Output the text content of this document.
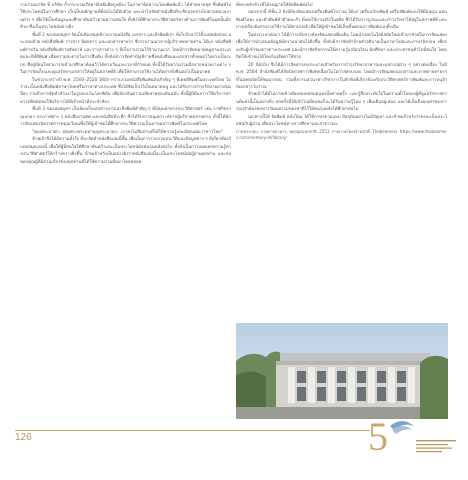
รวบรวมมาจัด ที่ บริษัท ถ้ำกระบวยเรือพาณิชย์ผลิตถูกต้อง ในภาษาข้อความโดยพิมพ์แล้ว ได้ทำหลายชุด ซึ่งพิมพ์ไปใช้ประโยชน์ในการศึกษา เก็บเป็นหลักฐานที่ดีต่อไปได้อีกด้วย และนำไปจัดทำหนังสือที่ระลึกแจกจ่ายไปตามหน่วยงานต่าง ๆ เพื่อใช้เป็นข้อมูลและศึกษาค้นคว้าตามความสนใจ ทั้งยังได้ศึกษาประวัติศาสตร์ทางด้านการพิมพ์ในยุคนั้นอีกด้วย ซึ่งเป็นประโยชน์อย่างยิ่ง

ชั้นที่ 2 ของหอสมุดฯ จัดเป็นห้องสมุดที่รวบรวมหนังสือ เอกสาร และสิ่งพิมพ์เก่า ที่เก็บรักษาไว้ตั้งแต่สมัยก่อน ประกอบด้วย หนังสือพิมพ์ วารสาร นิตยสาร และเอกสารหายาก ซึ่งรวบรวมมาจากผู้บริจาคหลายท่าน ได้แก่ หนังสือพิมพ์รายวัน หนังสือพิมพ์รายสัปดาห์ และวารสารต่าง ๆ ที่เก็บรวบรวมไว้จำนวนมาก โดยมีการจัดหมวดหมู่ตามประเภทและปีที่ตีพิมพ์ เพื่อความสะดวกในการสืบค้น ทั้งยังมีการจัดทำบัญชีรายชื่อหนังสือและเอกสารทั้งหมดไว้อย่างเป็นระบบ ซึ่งผู้ที่สนใจสามารถเข้ามาศึกษาค้นคว้าได้ตามวันและเวลาที่กำหนด ทั้งนี้ได้รับความร่วมมือจากหน่วยงานต่าง ๆ ในการจัดเก็บและดูแลรักษาเอกสารให้อยู่ในสภาพที่ดี เพื่อให้สามารถใช้งานได้อย่างยั่งยืนต่อไปในอนาคต

ในช่วงระหว่างปี พ.ศ. 2500–2520 ได้มีการรวบรวมหนังสือพิมพ์ฉบับสำคัญ ๆ ที่เคยตีพิมพ์ในประเทศไทย ไม่ว่าจะเป็นหนังสือพิมพ์ภาษาไทยหรือภาษาต่างประเทศ ซึ่งได้จัดเก็บไว้เป็นหมวดหมู่ และได้รับการบำรุงรักษาอย่างต่อเนื่อง รวมถึงการจัดทำสำเนาในรูปแบบไมโครฟิล์ม เพื่อป้องกันความเสียหายของต้นฉบับ ทั้งนี้ผู้ที่ต้องการใช้บริการสามารถติดต่อขอใช้บริการได้ที่เจ้าหน้าที่ประจำห้อง

ชั้นที่ 3 ของหอสมุดฯ เป็นห้องเก็บเอกสารเก่าและสิ่งพิมพ์สำคัญ ๆ ที่มีคุณค่าทางประวัติศาสตร์ เช่น ราชกิจจานุเบกษา ประกาศต่าง ๆ หนังสืองานศพ และหนังสือที่ระลึก ซึ่งได้รับการอนุเคราะห์จากผู้บริจาคหลายท่าน ทั้งนี้ได้มีการจัดแสดงนิทรรศการหมุนเวียนเพื่อให้ผู้เข้าชมได้ศึกษาประวัติความเป็นมาของการพิมพ์ในประเทศไทย

"คุณพระนายก...คุณพระพระมหาบุญพระนายก...เราคงไม่ลืมท่านที่ได้ให้ความรู้และมีคุณต่อเราชาวไทย"

ข้าพเจ้าจึงได้มีความตั้งใจ ที่จะจัดทำหนังสือเล่มนี้ขึ้น เพื่อเป็นการรวบรวมประวัติและข้อมูลต่าง ๆ ที่เกี่ยวข้องกับหอสมุดแห่งนี้ เพื่อให้ผู้ที่สนใจได้ศึกษาค้นคว้าและเป็นประโยชน์ต่อคนรุ่นหลังต่อไป ทั้งยังเป็นการเผยแพร่ความรู้ทางประวัติศาสตร์ให้กว้างขวางยิ่งขึ้น ข้าพเจ้าหวังเป็นอย่างยิ่งว่าหนังสือเล่มนี้จะเป็นประโยชน์ต่อผู้อ่านทุกท่าน และขอขอบคุณผู้ที่มีส่วนเกี่ยวข้องทุกท่านที่ได้ให้ความร่วมมือมาโดยตลอด

ที่พระคลังข้างที่ได้อนุญาตให้จัดพิมพ์ต่อไป

นอกจากนี้ ที่ชั้น 3 ยังมีห้องจัดแสดงเครื่องพิมพ์โบราณ ได้แก่ เครื่องเรียงพิมพ์ เครื่องพิมพ์แบบใช้มือหมุน แท่นพิมพ์โลหะ และตัวพิมพ์ทำด้วยตะกั่ว ที่เคยใช้งานจริงในอดีต ซึ่งได้รับการบูรณะและบำรุงรักษาให้อยู่ในสภาพที่ดี และบางเครื่องยังสามารถใช้งานได้ตามปกติ เพื่อให้ผู้เข้าชมได้เห็นขั้นตอนการพิมพ์แบบดั้งเดิม

ในช่วงเวลาต่อมา ได้มีการปรับปรุงห้องจัดแสดงเพิ่มเติม โดยนำเทคโนโลยีสมัยใหม่เข้ามาช่วยในการจัดแสดง เพื่อให้การนำเสนอข้อมูลมีความน่าสนใจยิ่งขึ้น ทั้งยังมีการจัดทำป้ายคำอธิบายเป็นภาษาไทยและภาษาอังกฤษ เพื่อรองรับผู้เข้าชมชาวต่างประเทศ และมีการจัดกิจกรรมให้ความรู้แก่นักเรียน นักศึกษา และประชาชนทั่วไปที่สนใจ โดยเปิดให้เข้าชมได้โดยไม่เสียค่าใช้จ่าย

20 ปีต่อไป จึงได้มีการจัดสรรงบประมาณสำหรับการบำรุงรักษาอาคารและอุปกรณ์ต่าง ๆ อย่างต่อเนื่อง ในปี พ.ศ. 2564 สำนักพิมพ์ได้จัดนิทรรศการพิเศษเนื่องในโอกาสครบรอบ โดยมีการจัดแสดงเอกสารและภาพถ่ายหายากที่ไม่เคยเปิดให้ชมมาก่อน รวมทั้งการเสวนาทางวิชาการในหัวข้อที่เกี่ยวข้องกับประวัติศาสตร์การพิมพ์และการอนุรักษ์เอกสารโบราณ

ข้าพเจ้าได้มีโอกาสเข้าเยี่ยมชมหอสมุดแห่งนี้หลายครั้ง และรู้สึกประทับใจในความตั้งใจของผู้ที่ดูแลรักษาสถานที่แห่งนี้เป็นอย่างยิ่ง ทุกครั้งที่ได้เข้าไปเยี่ยมชมก็จะได้รับความรู้ใหม่ ๆ เพิ่มเติมอยู่เสมอ และได้เห็นถึงคุณค่าของการอนุรักษ์มรดกทางวัฒนธรรมของชาติไว้ให้คนรุ่นหลังได้ศึกษาต่อไป

เอกสารนี้ได้ จัดพิมพ์ ฉบับใหม่ ได้ใช้ภาษาตามแบบ ปัจจุบันอย่างไม่มีปัญหา และข้าพเจ้าหวังว่าคงจะเป็นประโยชน์กับผู้อ่าน เพื่อประโยชน์ทางการศึกษาและสาธารณะ

ภาพประกอบ: ภาพถ่ายอาคาร, หอสมุดแห่งชาติ. 2551. ถ่ายภาพโดยเจ้าหน้าที่. Thebeamers. https://www.thebeamers.com/memory-of/library/

126	5
